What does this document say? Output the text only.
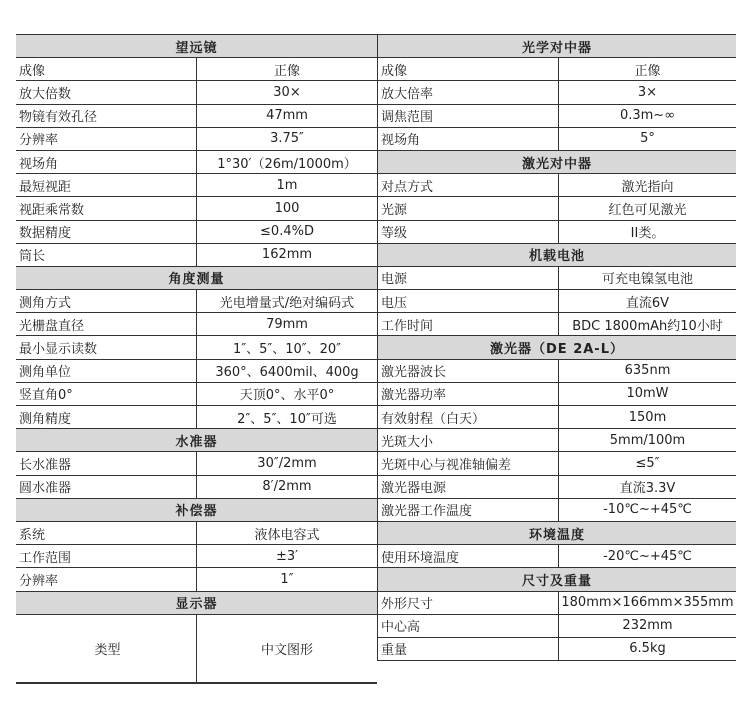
望远镜
成像	正像
放大倍数	30×
物镜有效孔径	47mm
分辨率	3.75″
视场角	1°30′（26m/1000m）
最短视距	1m
视距乘常数	100
数据精度	≤0.4%D
筒长	162mm
角度测量
测角方式	光电增量式/绝对编码式
光栅盘直径	79mm
最小显示读数	1″、5″、10″、20″
测角单位	360°、6400mil、400g
竖直角0°	天顶0°、水平0°
测角精度	2″、5″、10″可选
水准器
长水准器	30″/2mm
圆水准器	8′/2mm
补偿器
系统	液体电容式
工作范围	±3′
分辨率	1″
显示器
类型	中文图形
光学对中器
成像	正像
放大倍率	3×
调焦范围	0.3m~∞
视场角	5°
激光对中器
对点方式	激光指向
光源	红色可见激光
等级	II类。
机载电池
电源	可充电镍氢电池
电压	直流6V
工作时间	BDC 1800mAh约10小时
激光器（DE 2A-L）
激光器波长	635nm
激光器功率	10mW
有效射程（白天）	150m
光斑大小	5mm/100m
光斑中心与视准轴偏差	≤5″
激光器电源	直流3.3V
激光器工作温度	-10℃~+45℃
环境温度
使用环境温度	-20℃~+45℃
尺寸及重量
外形尺寸	180mm×166mm×355mm
中心高	232mm
重量	6.5kg
